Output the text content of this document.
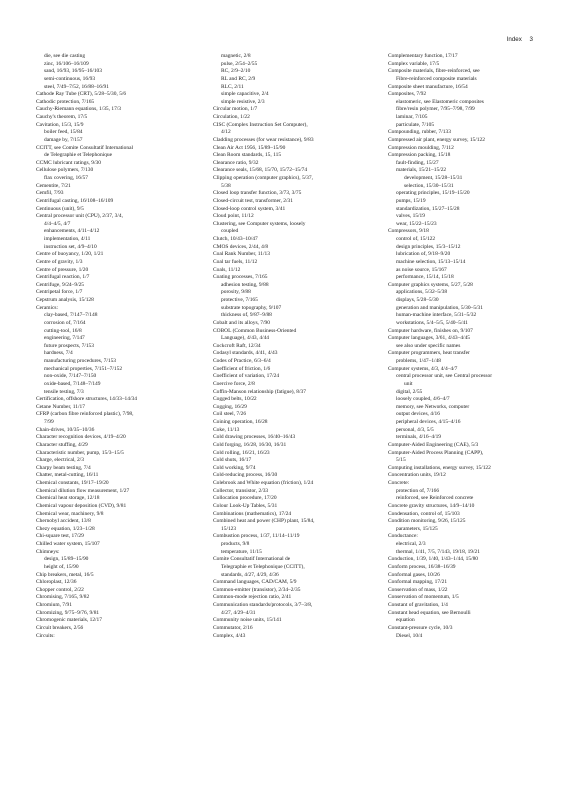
Index 3
die, see die casting
zinc, 16/106–16/109
sand, 16/93, 16/95–16/103
semi-continuous, 16/93
steel, 7/49–7/52, 16/88–16/91
Cathode Ray Tube (CRT), 5/28–5/30, 5/6
Cathodic protection, 7/165
Cauchy-Riemann equations, 1/35, 17/3
Cauchy's theorem, 17/5
Cavitation, 15/3, 15/9
boiler feed, 15/84
damage by, 7/157
CCITT, see Comite Consultatif International
de Telegraphie et Telephonique
CCMC lubricant ratings, 9/30
Cellulose polymers, 7/130
flax covering, 16/57
Cementite, 7/21
Cemfil, 7/93
Centrifugal casting, 16/108–16/109
Centinuous (unit), 9/5
Central processor unit (CPU), 2/37, 3/4,
4/4–4/5, 4/7
enhancements, 4/11–4/12
implementation, 4/11
instruction set, 4/9–4/10
Centre of buoyancy, 1/20, 1/21
Centre of gravity, 1/3
Centre of pressure, 1/20
Centrifugal reaction, 1/7
Centrifuge, 9/24–9/25
Centripetal force, 1/7
Cepstrum analysis, 15/128
Ceramics:
clay-based, 7/147–7/148
corrosion of, 7/164
cutting-tool, 16/8
engineering, 7/147
future prospects, 7/153
hardness, 7/4
manufacturing procedures, 7/153
mechanical properties, 7/151–7/152
non-oxide, 7/147–7/150
oxide-based, 7/148–7/149
tensile testing, 7/3
Certification, offshore structures, 14/33–14/34
Cetane Number, 11/17
CFRP (carbon fibre reinforced plastic), 7/98,
7/99
Chain-drives, 10/35–10/36
Character recognition devices, 4/19–4/20
Character stuffing, 4/29
Characteristic number, pump, 15/3–15/5
Charge, electrical, 2/3
Charpy beam testing, 7/4
Chatter, metal-cutting, 16/11
Chemical constants, 19/17–19/20
Chemical dilution flow measurement, 1/27
Chemical heat storage, 12/18
Chemical vapour deposition (CVD), 9/81
Chemical wear, machinery, 9/8
Chernobyl accident, 13/8
Chezy equation, 1/23–1/28
Chi-square test, 17/29
Chilled water system, 15/107
Chimneys:
design, 15/89–15/90
height of, 15/90
Chip breakers, metal, 16/5
Chloroplast, 12/36
Chopper control, 2/22
Chromising, 7/165, 9/82
Chromium, 7/91
Chromizing, 9/75–9/76, 9/81
Chromogenic materials, 12/17
Circuit breakers, 2/56
Circuits:
magnetic, 2/8
pulse, 2/54–2/55
RC, 2/9–2/10
RL and RC, 2/9
RLC, 2/11
simple capacitive, 2/4
simple resistive, 2/3
Circular motion, 1/7
Circulation, 1/22
CISC (Complex Instruction Set Computer),
4/12
Cladding processes (for wear resistance), 9/83
Clean Air Act 1956, 15/89–15/90
Clean Room standards, 15, 115
Clearance ratio, 9/32
Clearance seals, 15/68, 15/70, 15/72–15/74
Clipping operation (computer graphics), 5/37,
5/38
Closed loop transfer function, 3/73, 3/75
Closed-circuit test, transformer, 2/31
Closed-loop control system, 3/41
Cloud point, 11/12
Clustering, see Computer systems, loosely
coupled
Clutch, 10/43–10/47
CMOS devices, 2/44, 4/8
Coal Rank Number, 11/13
Coal tar fuels, 11/12
Coals, 11/12
Coating processes, 7/165
adhesion testing, 9/88
porosity, 9/88
protective, 7/165
substrate topography, 9/107
thickness of, 9/87–9/88
Cobalt and its alloys, 7/90
COBOL (Common Business-Oriented
Language), 4/43, 4/44
Cockcroft Raft, 12/34
Codasyl standards, 4/41, 4/43
Codes of Practice, 6/3–6/4
Coefficient of friction, 1/6
Coefficient of variation, 17/24
Coercive force, 2/8
Coffin-Manson relationship (fatigue), 8/37
Cogged belts, 10/22
Cogging, 16/29
Coil steel, 7/26
Coining operation, 16/28
Coke, 11/13
Cold drawing processes, 16/40–16/43
Cold forging, 16/28, 16/30, 16/31
Cold rolling, 16/21, 16/23
Cold shuts, 16/17
Cold working, 9/74
Cold-reducing process, 16/30
Colebrook and White equation (friction), 1/24
Collector, transistor, 2/33
Collocation procedure, 17/20
Colour Look-Up Tables, 5/31
Combinations (mathematics), 17/24
Combined heat and power (CHP) plant, 15/84,
15/123
Combustion process, 1/37, 11/14–11/19
products, 9/8
temperature, 11/15
Comite Consultatif International de
Telegraphie et Telephonique (CCITT),
standards, 4/27, 4/29, 4/36
Command languages, CAD/CAM, 5/9
Common-emitter (transistor), 2/34–2/35
Common-mode rejection ratio, 2/41
Communication standards/protocols, 3/7–3/8,
4/27, 4/29–4/31
Community noise units, 15/141
Commutator, 2/16
Complex, 4/43
Complementary function, 17/17
Complex variable, 17/5
Composite materials, fibre-reinforced, see
Fibre-reinforced composite materials
Composite sheet manufacture, 16/54
Composites, 7/92
elastomeric, see Elastomeric composites
fibre/resin polymer, 7/95–7/98, 7/99
laminar, 7/105
particulate, 7/105
Compounding, rubber, 7/133
Compressed air plant, energy survey, 15/122
Compression moulding, 7/112
Compression packing, 15/18
fault-finding, 15/27
materials, 15/21–15/22
development, 15/28–15/31
selection, 15/30–15/31
operating principles, 15/19–15/20
pumps, 15/19
standardization, 15/27–15/28
valves, 15/19
wear, 15/22–15/23
Compressors, 9/18
control of, 15/122
design principles, 15/3–15/12
lubrication of, 9/18–9/20
machine selection, 15/13–15/14
as noise source, 15/167
performance, 15/14, 15/18
Computer graphics systems, 5/27, 5/28
applications, 5/32–5/38
displays, 5/28–5/30
generation and manipulation, 5/30–5/31
human-machine interface, 5/31–5/32
workstations, 5/4–5/5, 5/40–5/41
Computer hardware, finishes on, 9/107
Computer languages, 3/61, 4/43–4/45
see also under specific names
Computer programmers, heat transfer
problems, 1/47–1/48
Computer systems, 4/3, 4/4–4/7
central processor unit, see Central processor
unit
digital, 2/55
loosely coupled, 4/6–4/7
memory, see Networks, computer
output devices, 4/16
peripheral devices, 4/15–4/16
personal, 4/3, 5/5
terminals, 4/16–4/19
Computer-Aided Engineering (CAE), 5/3
Computer-Aided Process Planning (CAPP),
5/15
Computing installations, energy survey, 15/122
Concentration units, 19/12
Concrete:
protection of, 7/166
reinforced, see Reinforced concrete
Concrete gravity structures, 14/9–14/10
Condensation, control of, 15/103
Condition monitoring, 9/26, 15/125
parameters, 15/125
Conductance:
electrical, 2/3
thermal, 1/41, 7/5, 7/143, 19/18, 19/21
Conduction, 1/39, 1/40, 1/43–1/44, 15/80
Conform process, 16/38–16/39
Conformal gases, 10/26
Conformal mapping, 17/21
Conservation of mass, 1/22
Conservation of momentum, 1/5
Constant of gravitation, 1/4
Constant head equation, see Bernoulli
equation
Constant-pressure cycle, 10/3
Diesel, 10/4
